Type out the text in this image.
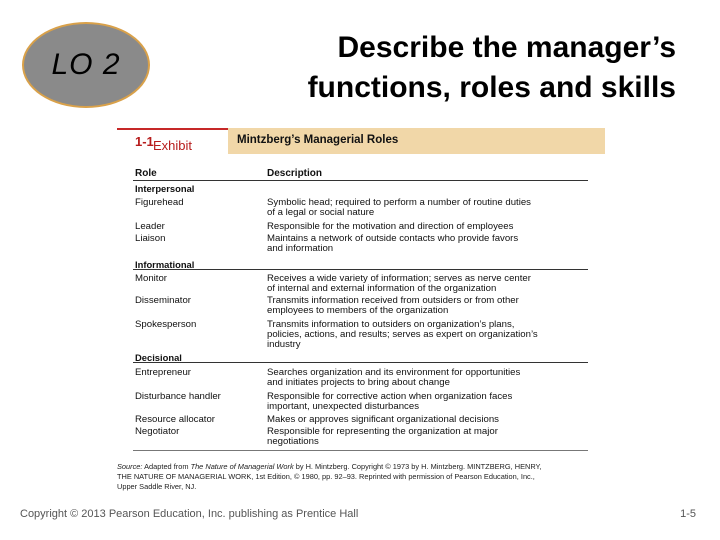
LO 2
Describe the manager’s
functions, roles and skills
Exhibit
1-1	Mintzberg’s Managerial Roles
Role	Description
Interpersonal
Figurehead	Symbolic head; required to perform a number of routine duties
of a legal or social nature
Leader	Responsible for the motivation and direction of employees
Liaison	Maintains a network of outside contacts who provide favors
and information
Informational
Monitor	Receives a wide variety of information; serves as nerve center
of internal and external information of the organization
Disseminator	Transmits information received from outsiders or from other
employees to members of the organization
Spokesperson	Transmits information to outsiders on organization’s plans,
policies, actions, and results; serves as expert on organization’s
industry
Decisional
Entrepreneur	Searches organization and its environment for opportunities
and initiates projects to bring about change
Disturbance handler	Responsible for corrective action when organization faces
important, unexpected disturbances
Resource allocator	Makes or approves significant organizational decisions
Negotiator	Responsible for representing the organization at major
negotiations
Source: Adapted from The Nature of Managerial Work by H. Mintzberg. Copyright © 1973 by H. Mintzberg. MINTZBERG, HENRY,
THE NATURE OF MANAGERIAL WORK, 1st Edition, © 1980, pp. 92–93. Reprinted with permission of Pearson Education, Inc.,
Upper Saddle River, NJ.
Copyright © 2013 Pearson Education, Inc. publishing as Prentice Hall	1-5
